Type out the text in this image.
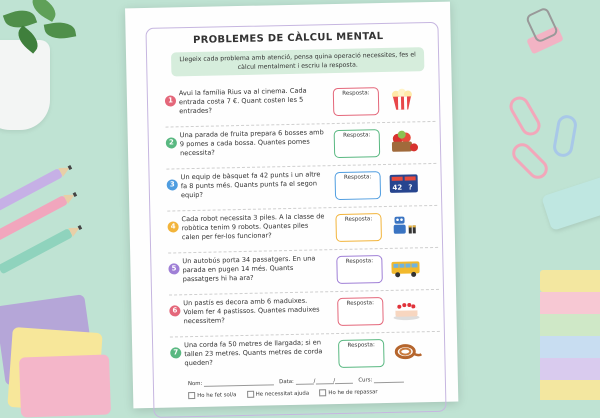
PROBLEMES DE CÀLCUL MENTAL
Llegeix cada problema amb atenció, pensa quina operació necessites, fes el càlcul mentalment i escriu la resposta.
1
Avui la família Rius va al cinema. Cada entrada costa 7 €. Quant costen les 5 entrades?
Resposta:
2
Una parada de fruita prepara 6 bosses amb 9 pomes a cada bossa. Quantes pomes necessita?
Resposta:
3
Un equip de bàsquet fa 42 punts i un altre fa 8 punts més. Quants punts fa el segon equip?
Resposta:
42 ?
4
Cada robot necessita 3 piles. A la classe de robòtica tenim 9 robots. Quantes piles calen per fer-los funcionar?
Resposta:
5
Un autobús porta 34 passatgers. En una parada en pugen 14 més. Quants passatgers hi ha ara?
Resposta:
6
Un pastís es decora amb 6 maduixes. Volem fer 4 pastissos. Quantes maduixes necessitem?
Resposta:
7
Una corda fa 50 metres de llargada; si en tallen 23 metres. Quants metres de corda queden?
Resposta:
Nom:	Data:	/	/	Curs:
Ho he fet sol/a	He necessitat ajuda	Ho he de repassar
